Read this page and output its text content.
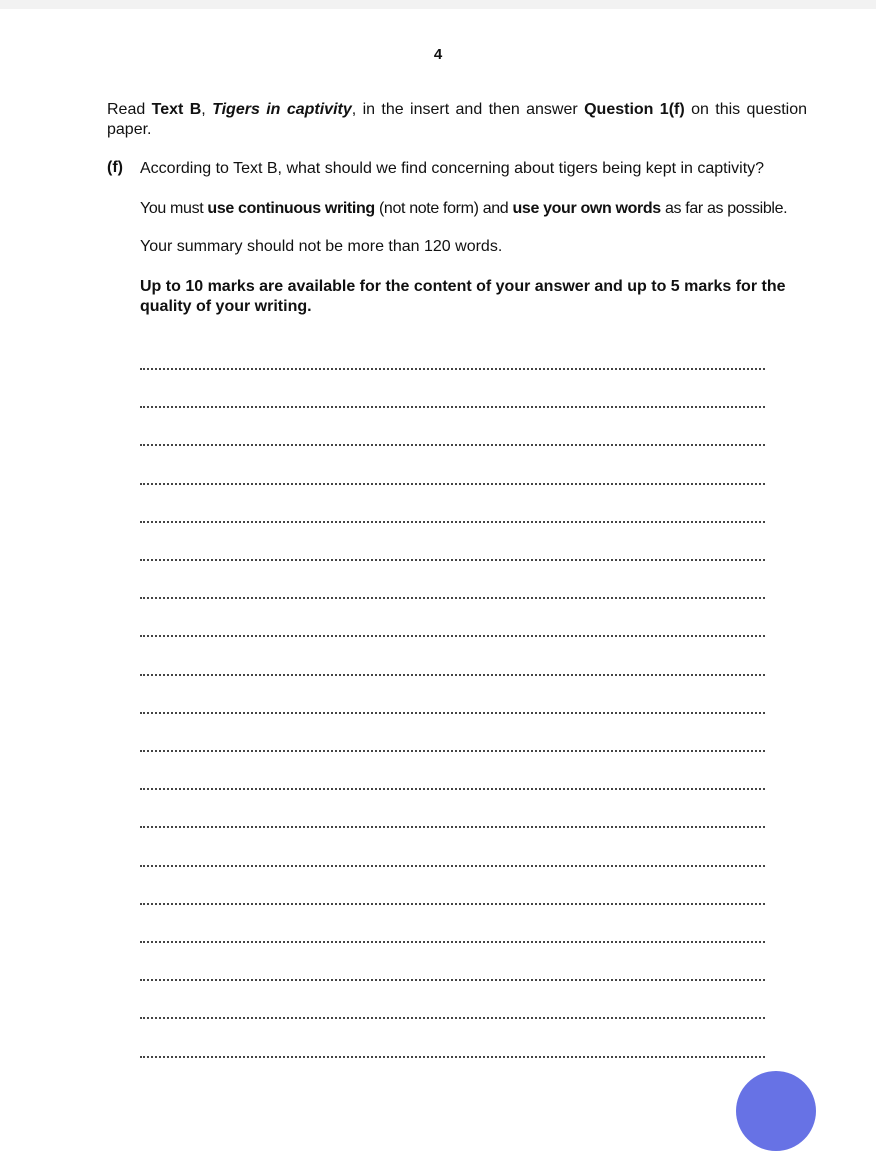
4
Read Text B, Tigers in captivity, in the insert and then answer Question 1(f) on this question paper.
(f) According to Text B, what should we find concerning about tigers being kept in captivity?
You must use continuous writing (not note form) and use your own words as far as possible.
Your summary should not be more than 120 words.
Up to 10 marks are available for the content of your answer and up to 5 marks for the quality of your writing.
